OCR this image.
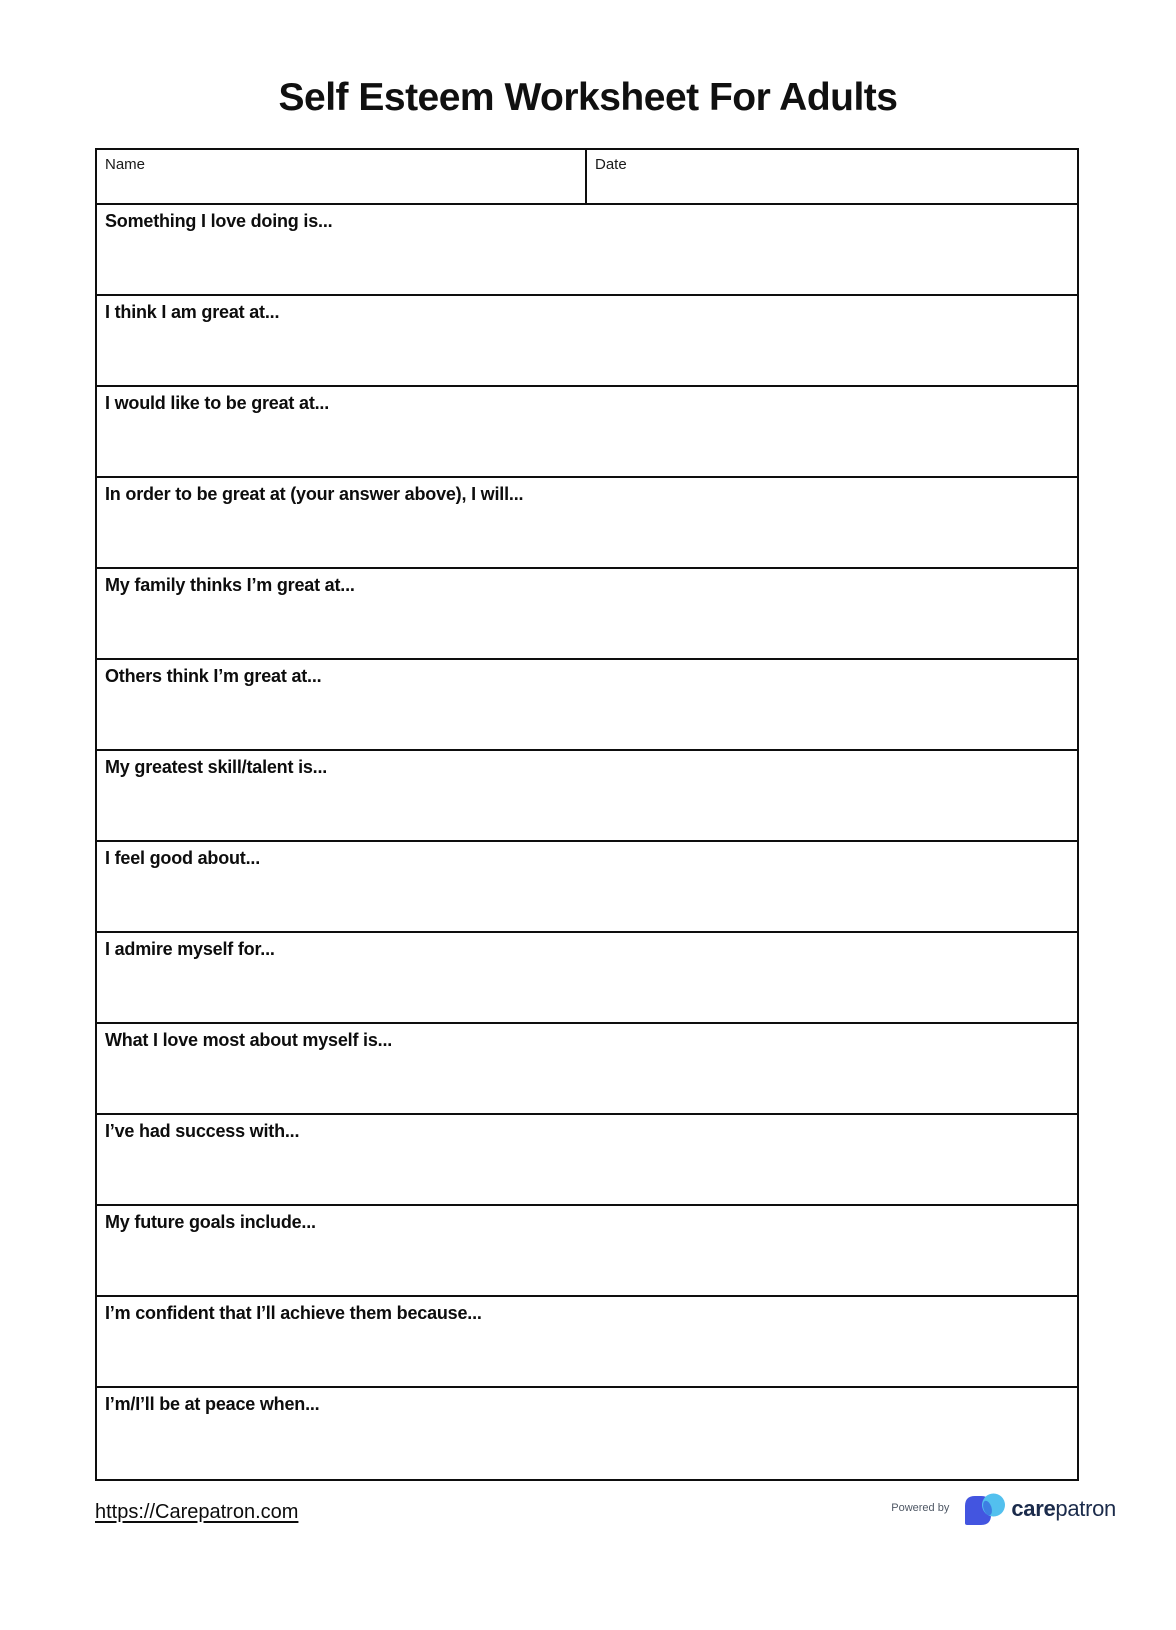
Self Esteem Worksheet For Adults
Name	Date
Something I love doing is...
I think I am great at...
I would like to be great at...
In order to be great at (your answer above), I will...
My family thinks I’m great at...
Others think I’m great at...
My greatest skill/talent is...
I feel good about...
I admire myself for...
What I love most about myself is...
I’ve had success with...
My future goals include...
I’m confident that I’ll achieve them because...
I’m/I’ll be at peace when...
https://Carepatron.com	Powered by	carepatron
